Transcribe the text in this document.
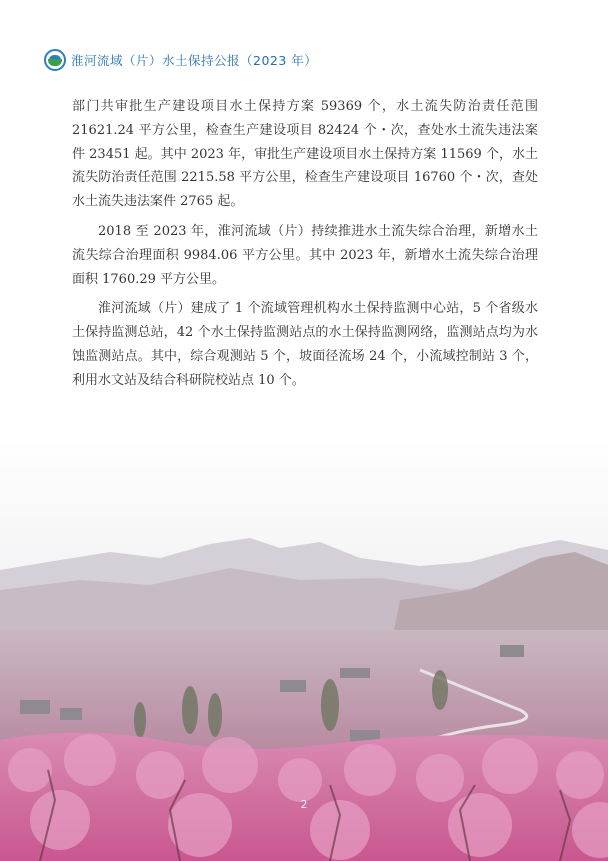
淮河流域（片）水土保持公报（2023 年）

部门共审批生产建设项目水土保持方案 59369 个，水土流失防治责任范围 21621.24 平方公里，检查生产建设项目 82424 个・次，查处水土流失违法案件 23451 起。其中 2023 年，审批生产建设项目水土保持方案 11569 个，水土流失防治责任范围 2215.58 平方公里，检查生产建设项目 16760 个・次，查处水土流失违法案件 2765 起。

2018 至 2023 年，淮河流域（片）持续推进水土流失综合治理，新增水土流失综合治理面积 9984.06 平方公里。其中 2023 年，新增水土流失综合治理面积 1760.29 平方公里。

淮河流域（片）建成了 1 个流域管理机构水土保持监测中心站，5 个省级水土保持监测总站，42 个水土保持监测站点的水土保持监测网络，监测站点均为水蚀监测站点。其中，综合观测站 5 个，坡面径流场 24 个，小流域控制站 3 个，利用水文站及结合科研院校站点 10 个。

2
